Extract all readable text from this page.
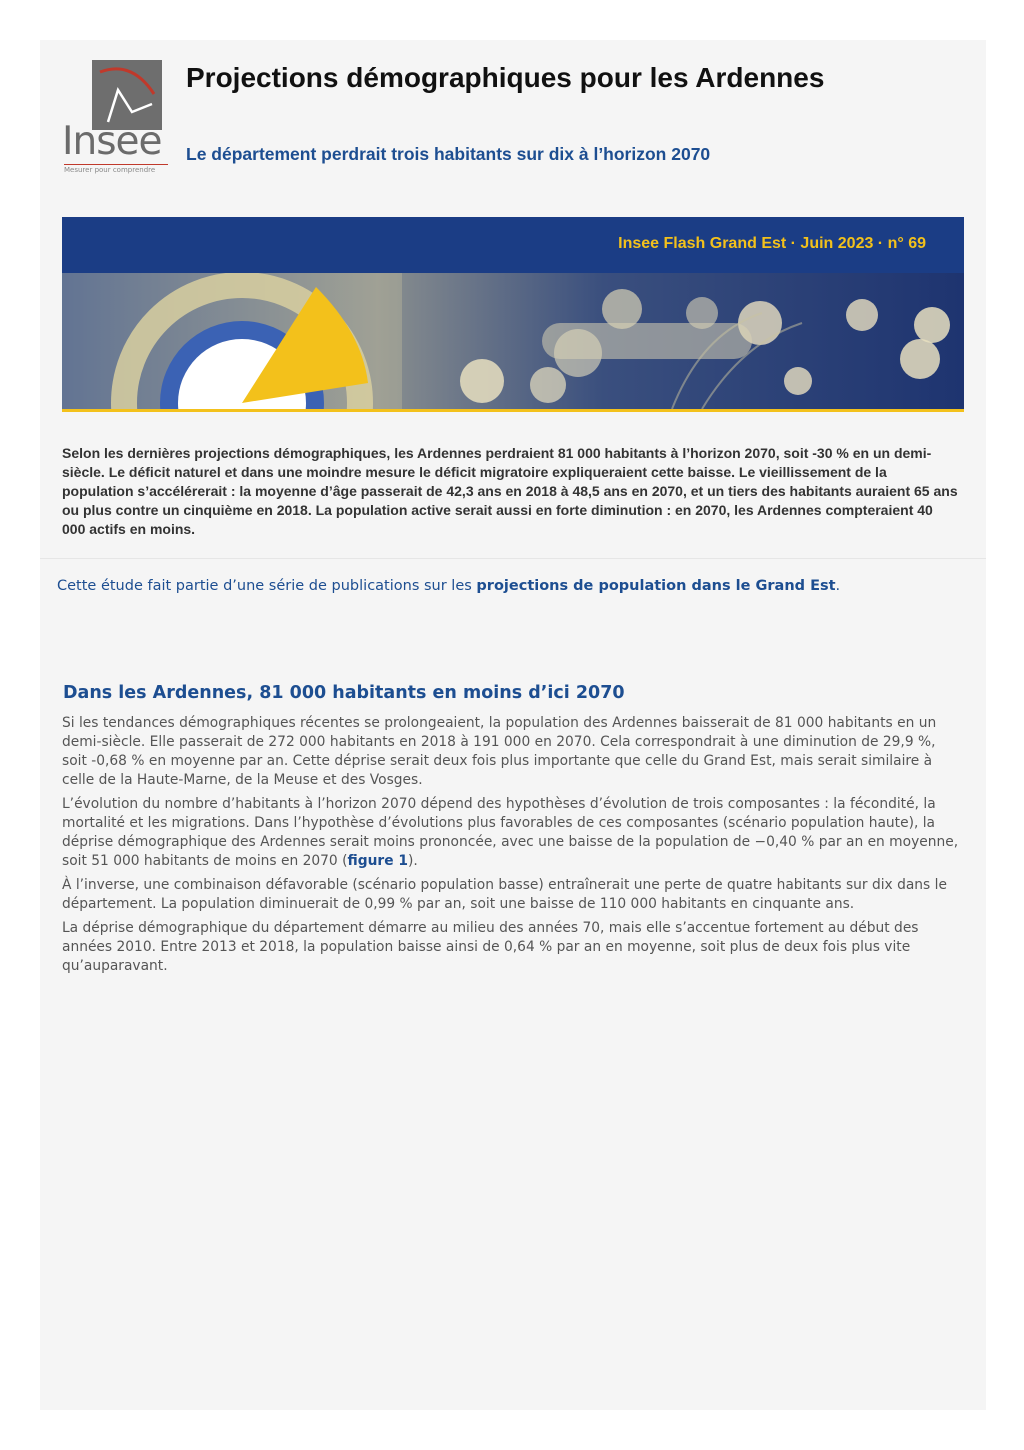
Insee
Mesurer pour comprendre
Projections démographiques pour les Ardennes
Le département perdrait trois habitants sur dix à l’horizon 2070
Insee Flash Grand Est · Juin 2023 · n° 69

Selon les dernières projections démographiques, les Ardennes perdraient 81 000 habitants à l’horizon 2070, soit -30 % en un demi-siècle. Le déficit naturel et dans une moindre mesure le déficit migratoire expliqueraient cette baisse. Le vieillissement de la population s’accélérerait : la moyenne d’âge passerait de 42,3 ans en 2018 à 48,5 ans en 2070, et un tiers des habitants auraient 65 ans ou plus contre un cinquième en 2018. La population active serait aussi en forte diminution : en 2070, les Ardennes compteraient 40 000 actifs en moins.

Cette étude fait partie d’une série de publications sur les projections de population dans le Grand Est.

Dans les Ardennes, 81 000 habitants en moins d’ici 2070

Si les tendances démographiques récentes se prolongeaient, la population des Ardennes baisserait de 81 000 habitants en un demi-siècle. Elle passerait de 272 000 habitants en 2018 à 191 000 en 2070. Cela correspondrait à une diminution de 29,9 %, soit -0,68 % en moyenne par an. Cette déprise serait deux fois plus importante que celle du Grand Est, mais serait similaire à celle de la Haute-Marne, de la Meuse et des Vosges.

L’évolution du nombre d’habitants à l’horizon 2070 dépend des hypothèses d’évolution de trois composantes : la fécondité, la mortalité et les migrations. Dans l’hypothèse d’évolutions plus favorables de ces composantes (scénario population haute), la déprise démographique des Ardennes serait moins prononcée, avec une baisse de la population de −0,40 % par an en moyenne, soit 51 000 habitants de moins en 2070 (figure 1).

À l’inverse, une combinaison défavorable (scénario population basse) entraînerait une perte de quatre habitants sur dix dans le département. La population diminuerait de 0,99 % par an, soit une baisse de 110 000 habitants en cinquante ans.

La déprise démographique du département démarre au milieu des années 70, mais elle s’accentue fortement au début des années 2010. Entre 2013 et 2018, la population baisse ainsi de 0,64 % par an en moyenne, soit plus de deux fois plus vite qu’auparavant.
